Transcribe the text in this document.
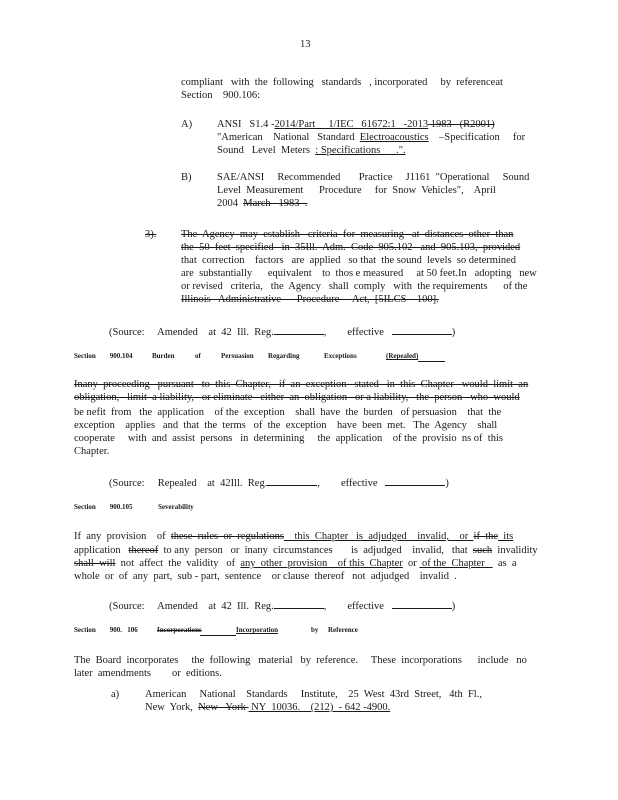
13
compliant   with  the  following   standards   , incorporated     by  referenceat
Section    900.106:
A) ANSI   S1.4 -2014/Part     1/IEC   61672:1   -2013 1983   (R2001)
"American    National   Standard  Electroacoustics    –Specification     for
Sound   Level  Meters  : Specifications      .".
B) SAE/ANSI     Recommended       Practice     J1161  "Operational     Sound
Level  Measurement      Procedure     for  Snow  Vehicles",    April
2004  March   1983  .
3). The  Agency  may  establish   criteria  for  measuring   at  distances  other  than
the  50  feet  specified   in  35Ill.  Adm.  Code  905.102   and  905.103,  provided
that  correction    factors   are  applied   so that  the sound  levels  so determined
are  substantially      equivalent    to  thos e measured     at 50 feet.In   adopting   new
or revised   criteria,   the  Agency   shall  comply   with  the requirements      of the
Illinois   Administrative      Procedure     Act,  [5ILCS    100].
(Source:     Amended    at  42  Ill.  Reg.	,        effective	)
Section        900.104	Burden	of	Persuasion Regarding	Exceptions	(Repealed)
Inany  proceeding   pursuant   to  this  Chapter,   if  an  exception   stated   in  this  Chapter   would  limit  an
obligation,   limit  a liability,   or eliminate   either  an  obligation   or a liability,   the  person   who  would
be nefit  from   the  application    of the  exception    shall  have  the  burden   of persuasion    that  the
exception    applies   and  that  the  terms   of  the  exception    have  been  met.   The  Agency    shall
cooperate     with  and  assist  persons   in  determining     the  application    of the  provisio  ns of  this
Chapter.
(Source:     Repealed    at  42Ill.  Reg.	,        effective	)
Section        900.105	Severability
If  any  provision    of  these  rules  or  regulations    this  Chapter   is  adjudged    invalid,    or  if  the  its
application   thereof  to any  person   or  inany  circumstances       is  adjudged    invalid,   that  such  invalidity
shall  will  not  affect  the  validity   of  any  other  provision    of this  Chapter  or  of the  Chapter     as  a
whole  or  of  any  part,  sub - part,  sentence    or clause  thereof   not  adjudged    invalid  .
(Source:     Amended    at  42  Ill.  Reg.	,        effective	)
Section        900.   106	Incorporations	Incorporation	by Reference
The  Board  incorporates     the  following   material   by  reference.     These  incorporations      include   no
later  amendments        or  editions.
a) American     National    Standards     Institute,    25  West  43rd  Street,   4th  Fl.,
New  York,  New   York  NY  10036.    (212)  - 642 -4900.
